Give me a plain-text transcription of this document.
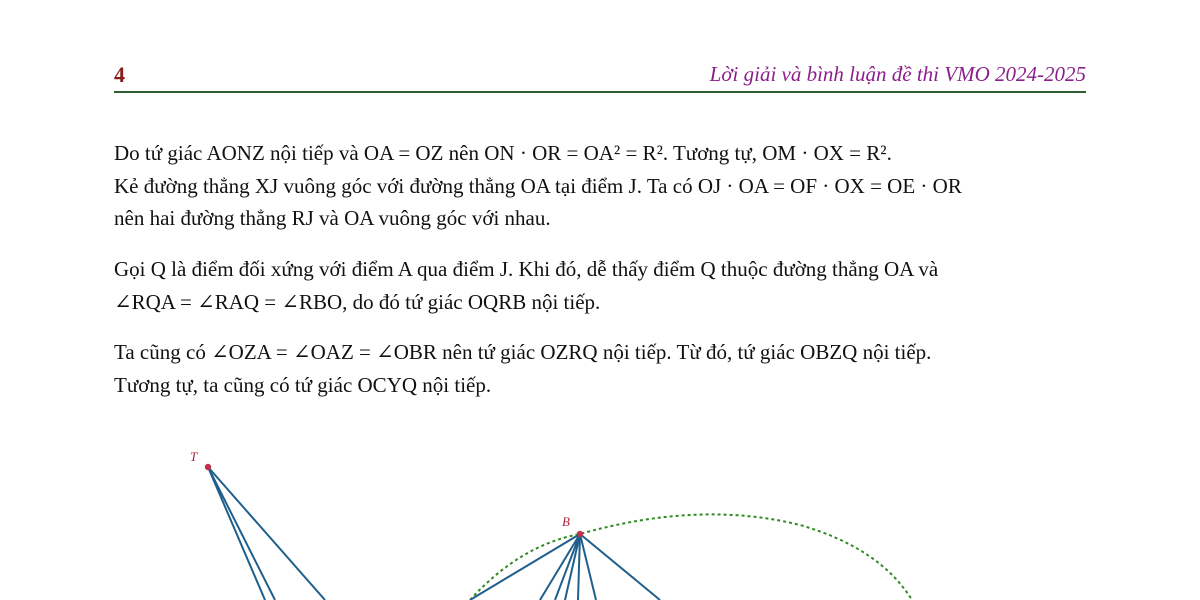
4	Lời giải và bình luận đề thi VMO 2024-2025

Do tứ giác AONZ nội tiếp và OA = OZ nên ON · OR = OA² = R². Tương tự, OM · OX = R².
Kẻ đường thẳng XJ vuông góc với đường thẳng OA tại điểm J. Ta có OJ · OA = OF · OX = OE · OR
nên hai đường thẳng RJ và OA vuông góc với nhau.

Gọi Q là điểm đối xứng với điểm A qua điểm J. Khi đó, dễ thấy điểm Q thuộc đường thẳng OA và
∠RQA = ∠RAQ = ∠RBO, do đó tứ giác OQRB nội tiếp.

Ta cũng có ∠OZA = ∠OAZ = ∠OBR nên tứ giác OZRQ nội tiếp. Từ đó, tứ giác OBZQ nội tiếp.
Tương tự, ta cũng có tứ giác OCYQ nội tiếp.

T
B
